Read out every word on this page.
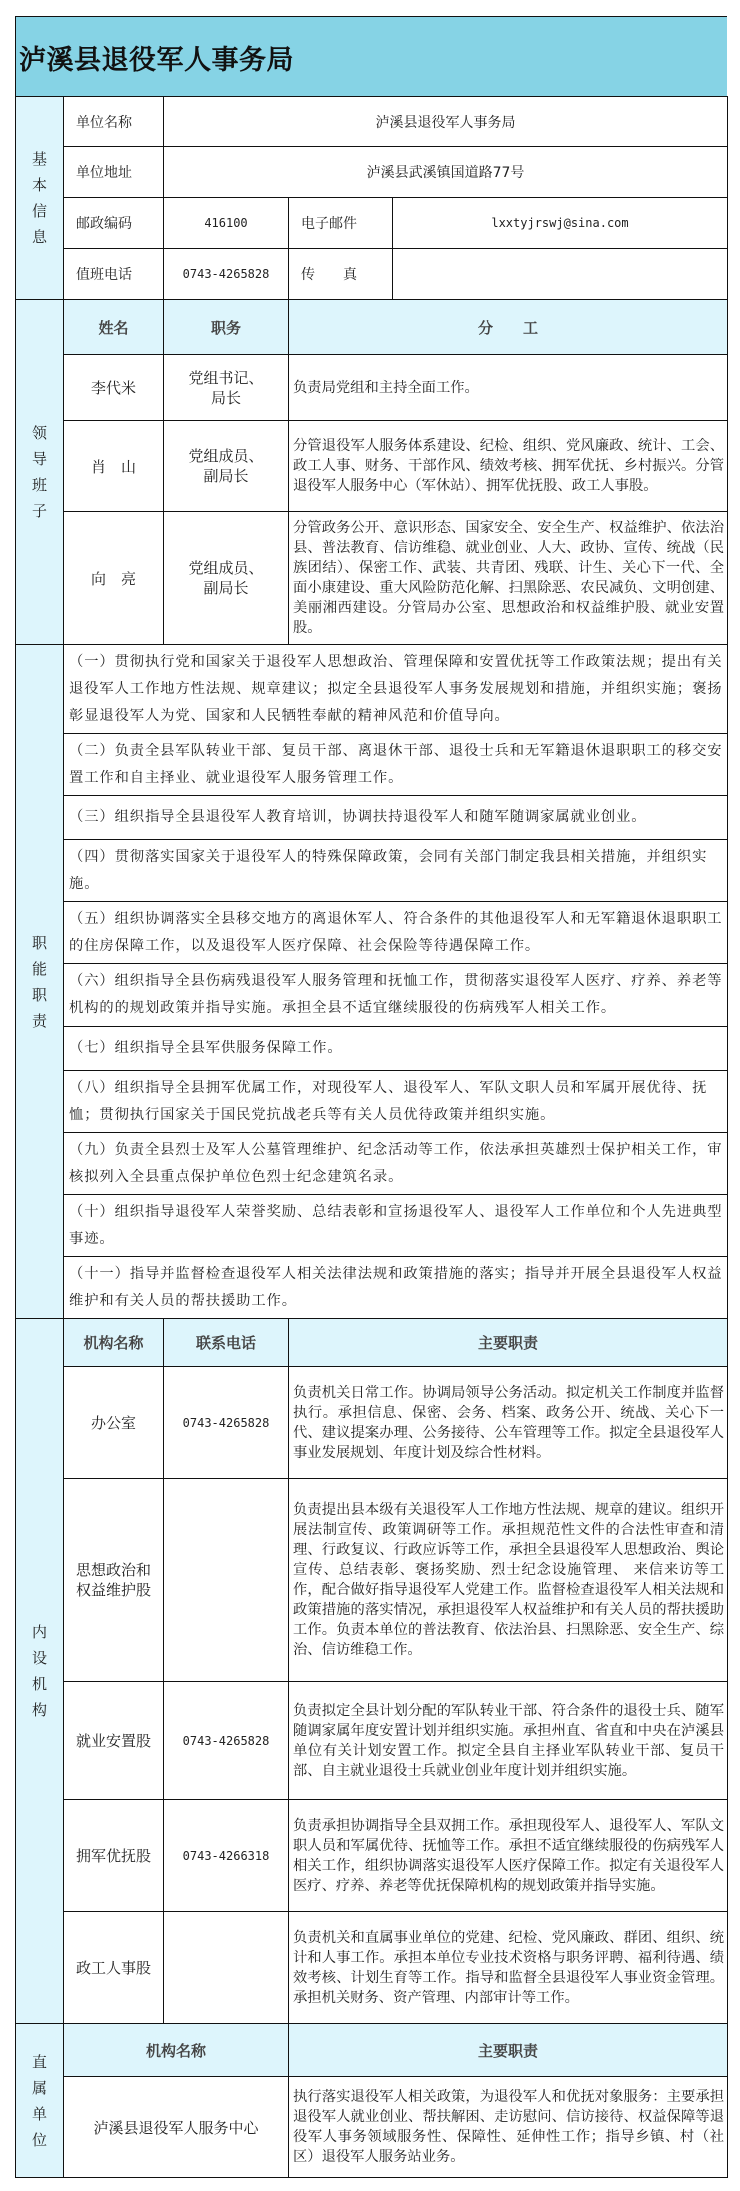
泸溪县退役军人事务局
基
本
信
息	单位名称	泸溪县退役军人事务局		
	单位地址	泸溪县武溪镇国道路77号		
	邮政编码	416100	电子邮件	lxxtyjrswj@sina.com
	值班电话	0743-4265828	传　　真	

领
导
班
子	姓名	职务	分　　工	
	李代米	党组书记、
局长	负责局党组和主持全面工作。	
	肖　山	党组成员、
副局长	分管退役军人服务体系建设、纪检、组织、党风廉政、统计、工会、政工人事、财务、干部作风、绩效考核、拥军优抚、乡村振兴。分管退役军人服务中心（军休站）、拥军优抚股、政工人事股。	
	向　亮	党组成员、
副局长	分管政务公开、意识形态、国家安全、安全生产、权益维护、依法治县、普法教育、信访维稳、就业创业、人大、政协、宣传、统战（民族团结）、保密工作、武装、共青团、残联、计生、关心下一代、全面小康建设、重大风险防范化解、扫黑除恶、农民减负、文明创建、美丽湘西建设。分管局办公室、思想政治和权益维护股、就业安置股。	

职
能
职
责	（一）贯彻执行党和国家关于退役军人思想政治、管理保障和安置优抚等工作政策法规；提出有关退役军人工作地方性法规、规章建议；拟定全县退役军人事务发展规划和措施，并组织实施；褒扬彰显退役军人为党、国家和人民牺牲奉献的精神风范和价值导向。			
	（二）负责全县军队转业干部、复员干部、离退休干部、退役士兵和无军籍退休退职职工的移交安置工作和自主择业、就业退役军人服务管理工作。			
	（三）组织指导全县退役军人教育培训，协调扶持退役军人和随军随调家属就业创业。			
	（四）贯彻落实国家关于退役军人的特殊保障政策，会同有关部门制定我县相关措施，并组织实施。			
	（五）组织协调落实全县移交地方的离退休军人、符合条件的其他退役军人和无军籍退休退职职工的住房保障工作，以及退役军人医疗保障、社会保险等待遇保障工作。			
	（六）组织指导全县伤病残退役军人服务管理和抚恤工作，贯彻落实退役军人医疗、疗养、养老等机构的的规划政策并指导实施。承担全县不适宜继续服役的伤病残军人相关工作。			
	（七）组织指导全县军供服务保障工作。			
	（八）组织指导全县拥军优属工作，对现役军人、退役军人、军队文职人员和军属开展优待、抚恤；贯彻执行国家关于国民党抗战老兵等有关人员优待政策并组织实施。			
	（九）负责全县烈士及军人公墓管理维护、纪念活动等工作，依法承担英雄烈士保护相关工作，审核拟列入全县重点保护单位色烈士纪念建筑名录。			
	（十）组织指导退役军人荣誉奖励、总结表彰和宣扬退役军人、退役军人工作单位和个人先进典型事迹。			
	（十一）指导并监督检查退役军人相关法律法规和政策措施的落实；指导并开展全县退役军人权益维护和有关人员的帮扶援助工作。			

内
设
机
构	机构名称	联系电话	主要职责	
	办公室	0743-4265828	负责机关日常工作。协调局领导公务活动。拟定机关工作制度并监督执行。承担信息、保密、会务、档案、政务公开、统战、关心下一代、建议提案办理、公务接待、公车管理等工作。拟定全县退役军人事业发展规划、年度计划及综合性材料。	
	思想政治和
权益维护股		负责提出县本级有关退役军人工作地方性法规、规章的建议。组织开展法制宣传、政策调研等工作。承担规范性文件的合法性审查和清理、行政复议、行政应诉等工作，承担全县退役军人思想政治、舆论宣传、总结表彰、褒扬奖励、烈士纪念设施管理、 来信来访等工作，配合做好指导退役军人党建工作。监督检查退役军人相关法规和政策措施的落实情况，承担退役军人权益维护和有关人员的帮扶援助工作。负责本单位的普法教育、依法治县、扫黑除恶、安全生产、综治、信访维稳工作。	
	就业安置股	0743-4265828	负责拟定全县计划分配的军队转业干部、符合条件的退役士兵、随军随调家属年度安置计划并组织实施。承担州直、省直和中央在泸溪县单位有关计划安置工作。拟定全县自主择业军队转业干部、复员干部、自主就业退役士兵就业创业年度计划并组织实施。	
	拥军优抚股	0743-4266318	负责承担协调指导全县双拥工作。承担现役军人、退役军人、军队文职人员和军属优待、抚恤等工作。承担不适宜继续服役的伤病残军人相关工作，组织协调落实退役军人医疗保障工作。拟定有关退役军人医疗、疗养、养老等优抚保障机构的规划政策并指导实施。	
	政工人事股		负责机关和直属事业单位的党建、纪检、党风廉政、群团、组织、统计和人事工作。承担本单位专业技术资格与职务评聘、福利待遇、绩效考核、计划生育等工作。指导和监督全县退役军人事业资金管理。承担机关财务、资产管理、内部审计等工作。	

直
属
单
位	机构名称		主要职责	
	泸溪县退役军人服务中心		执行落实退役军人相关政策，为退役军人和优抚对象服务：主要承担退役军人就业创业、帮扶解困、走访慰问、信访接待、权益保障等退役军人事务领域服务性、保障性、延伸性工作；指导乡镇、村（社区）退役军人服务站业务。	
